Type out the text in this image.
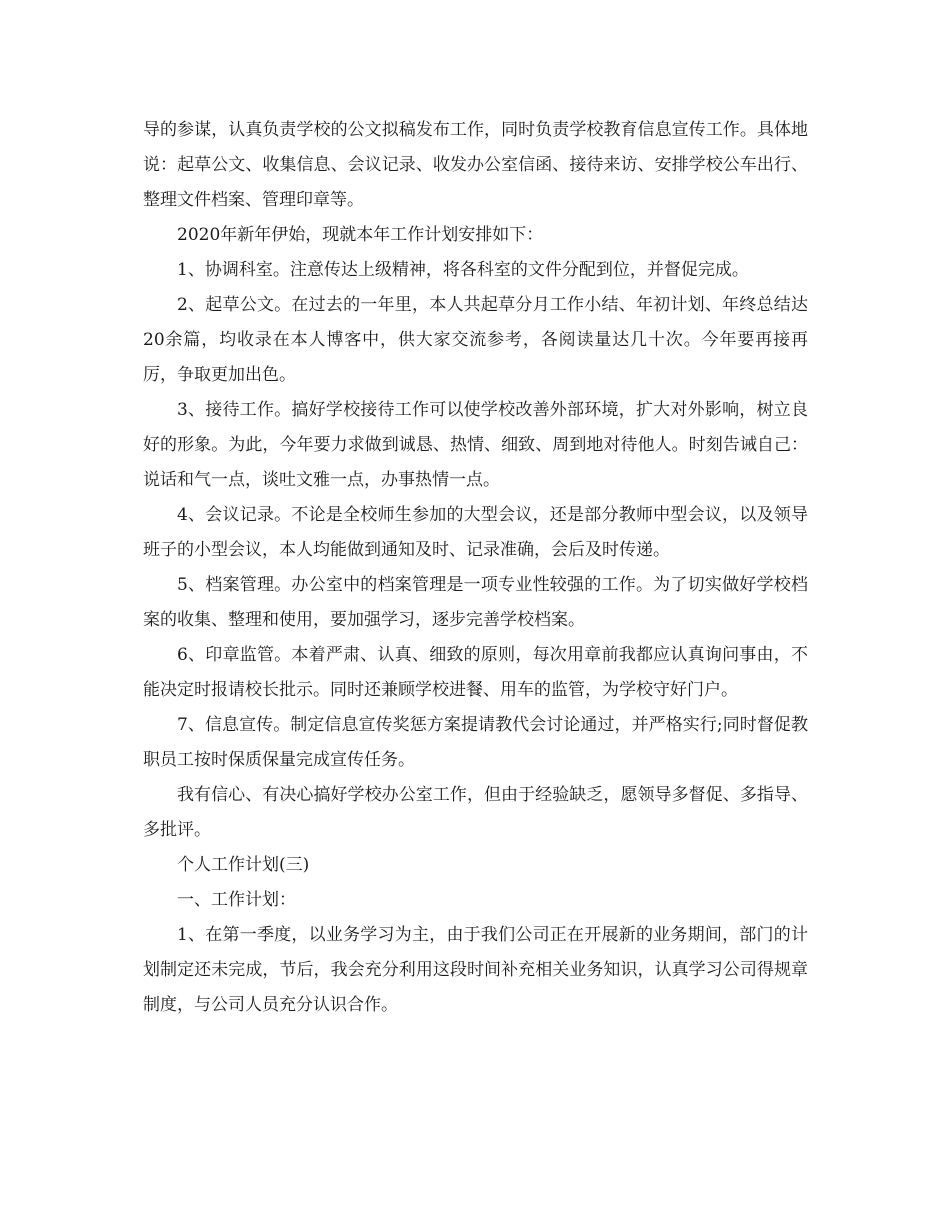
导的参谋，认真负责学校的公文拟稿发布工作，同时负责学校教育信息宣传工作。具体地说：起草公文、收集信息、会议记录、收发办公室信函、接待来访、安排学校公车出行、整理文件档案、管理印章等。

2020年新年伊始，现就本年工作计划安排如下：

1、协调科室。注意传达上级精神，将各科室的文件分配到位，并督促完成。

2、起草公文。在过去的一年里，本人共起草分月工作小结、年初计划、年终总结达20余篇，均收录在本人博客中，供大家交流参考，各阅读量达几十次。今年要再接再厉，争取更加出色。

3、接待工作。搞好学校接待工作可以使学校改善外部环境，扩大对外影响，树立良好的形象。为此，今年要力求做到诚恳、热情、细致、周到地对待他人。时刻告诫自己：说话和气一点，谈吐文雅一点，办事热情一点。

4、会议记录。不论是全校师生参加的大型会议，还是部分教师中型会议，以及领导班子的小型会议，本人均能做到通知及时、记录准确，会后及时传递。

5、档案管理。办公室中的档案管理是一项专业性较强的工作。为了切实做好学校档案的收集、整理和使用，要加强学习，逐步完善学校档案。

6、印章监管。本着严肃、认真、细致的原则，每次用章前我都应认真询问事由，不能决定时报请校长批示。同时还兼顾学校进餐、用车的监管，为学校守好门户。

7、信息宣传。制定信息宣传奖惩方案提请教代会讨论通过，并严格实行;同时督促教职员工按时保质保量完成宣传任务。

我有信心、有决心搞好学校办公室工作，但由于经验缺乏，愿领导多督促、多指导、多批评。

个人工作计划(三)

一、工作计划：

1、在第一季度，以业务学习为主，由于我们公司正在开展新的业务期间，部门的计划制定还未完成，节后，我会充分利用这段时间补充相关业务知识，认真学习公司得规章制度，与公司人员充分认识合作。
